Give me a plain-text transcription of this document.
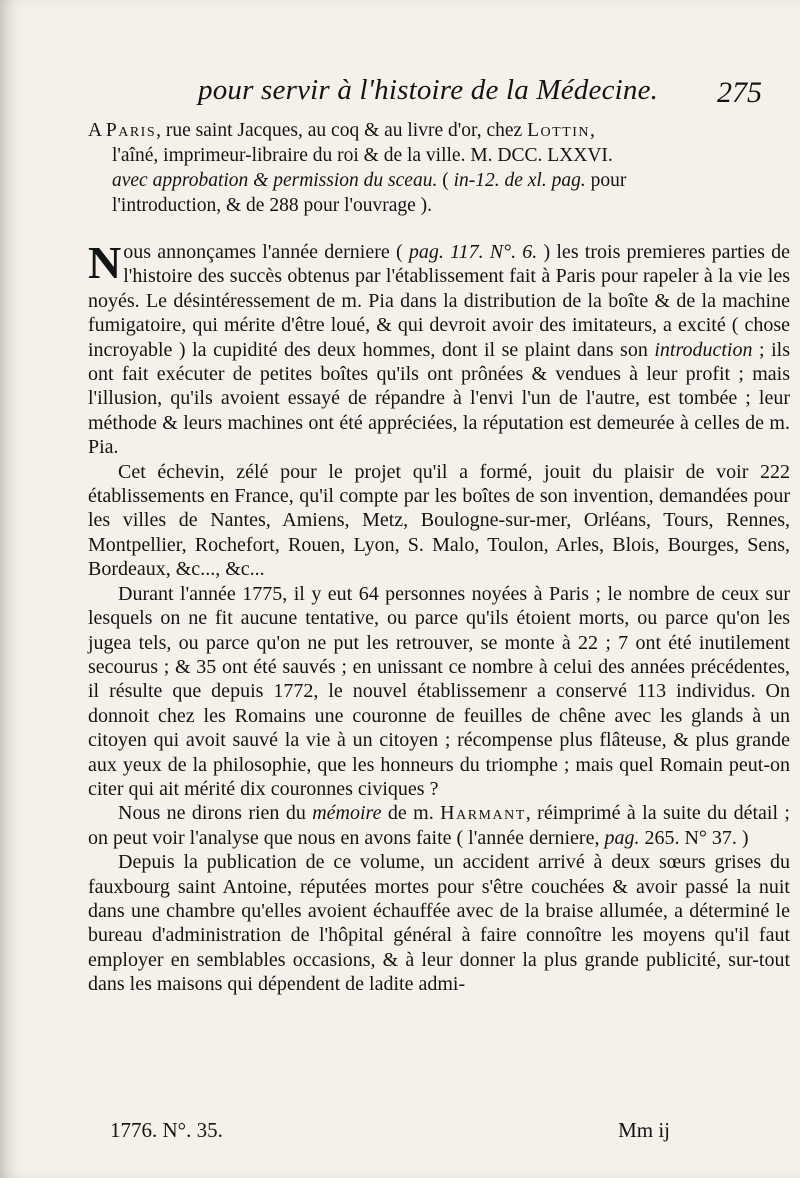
pour servir à l'histoire de la Médecine. 275
A Paris, rue saint Jacques, au coq & au livre d'or, chez Lottin,
l'aîné, imprimeur-libraire du roi & de la ville. M. DCC. LXXVI.
avec approbation & permission du sceau. ( in-12. de xl. pag. pour
l'introduction, & de 288 pour l'ouvrage ).

Nous annonçames l'année derniere ( pag. 117. N°. 6. ) les trois premieres parties de l'histoire des succès obtenus par l'établissement fait à Paris pour rapeler à la vie les noyés. Le désintéressement de m. Pia dans la distribution de la boîte & de la machine fumigatoire, qui mérite d'être loué, & qui devroit avoir des imitateurs, a excité ( chose incroyable ) la cupidité des deux hommes, dont il se plaint dans son introduction ; ils ont fait exécuter de petites boîtes qu'ils ont prônées & vendues à leur profit ; mais l'illusion, qu'ils avoient essayé de répandre à l'envi l'un de l'autre, est tombée ; leur méthode & leurs machines ont été appréciées, la réputation est demeurée à celles de m. Pia.

Cet échevin, zélé pour le projet qu'il a formé, jouit du plaisir de voir 222 établissements en France, qu'il compte par les boîtes de son invention, demandées pour les villes de Nantes, Amiens, Metz, Boulogne-sur-mer, Orléans, Tours, Rennes, Montpellier, Rochefort, Rouen, Lyon, S. Malo, Toulon, Arles, Blois, Bourges, Sens, Bordeaux, &c..., &c...

Durant l'année 1775, il y eut 64 personnes noyées à Paris ; le nombre de ceux sur lesquels on ne fit aucune tentative, ou parce qu'ils étoient morts, ou parce qu'on les jugea tels, ou parce qu'on ne put les retrouver, se monte à 22 ; 7 ont été inutilement secourus ; & 35 ont été sauvés ; en unissant ce nombre à celui des années précédentes, il résulte que depuis 1772, le nouvel établissemenr a conservé 113 individus. On donnoit chez les Romains une couronne de feuilles de chêne avec les glands à un citoyen qui avoit sauvé la vie à un citoyen ; récompense plus flâteuse, & plus grande aux yeux de la philosophie, que les honneurs du triomphe ; mais quel Romain peut-on citer qui ait mérité dix couronnes civiques ?

Nous ne dirons rien du mémoire de m. Harmant, réimprimé à la suite du détail ; on peut voir l'analyse que nous en avons faite ( l'année derniere, pag. 265. N° 37. )

Depuis la publication de ce volume, un accident arrivé à deux sœurs grises du fauxbourg saint Antoine, réputées mortes pour s'être couchées & avoir passé la nuit dans une chambre qu'elles avoient échauffée avec de la braise allumée, a déterminé le bureau d'administration de l'hôpital général à faire connoître les moyens qu'il faut employer en semblables occasions, & à leur donner la plus grande publicité, sur-tout dans les maisons qui dépendent de ladite admi-

1776. N°. 35.	Mm ij
